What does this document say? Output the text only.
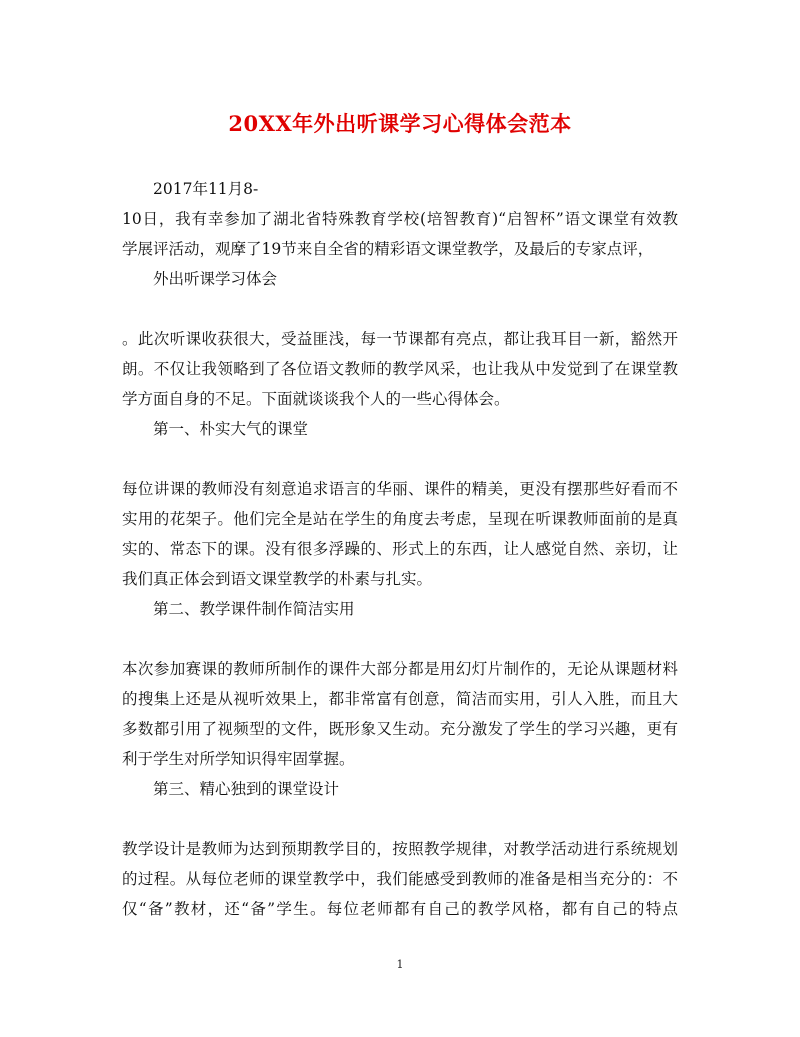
20XX年外出听课学习心得体会范本
2017年11月8-
10日，我有幸参加了湖北省特殊教育学校(培智教育)“启智杯”语文课堂有效教
学展评活动，观摩了19节来自全省的精彩语文课堂教学，及最后的专家点评，
外出听课学习体会
。此次听课收获很大，受益匪浅，每一节课都有亮点，都让我耳目一新，豁然开
朗。不仅让我领略到了各位语文教师的教学风采，也让我从中发觉到了在课堂教
学方面自身的不足。下面就谈谈我个人的一些心得体会。
第一、朴实大气的课堂
每位讲课的教师没有刻意追求语言的华丽、课件的精美，更没有摆那些好看而不
实用的花架子。他们完全是站在学生的角度去考虑，呈现在听课教师面前的是真
实的、常态下的课。没有很多浮躁的、形式上的东西，让人感觉自然、亲切，让
我们真正体会到语文课堂教学的朴素与扎实。
第二、教学课件制作简洁实用
本次参加赛课的教师所制作的课件大部分都是用幻灯片制作的，无论从课题材料
的搜集上还是从视听效果上，都非常富有创意，简洁而实用，引人入胜，而且大
多数都引用了视频型的文件，既形象又生动。充分激发了学生的学习兴趣，更有
利于学生对所学知识得牢固掌握。
第三、精心独到的课堂设计
教学设计是教师为达到预期教学目的，按照教学规律，对教学活动进行系统规划
的过程。从每位老师的课堂教学中，我们能感受到教师的准备是相当充分的：不
仅“备”教材，还“备”学生。每位老师都有自己的教学风格，都有自己的特点
1
